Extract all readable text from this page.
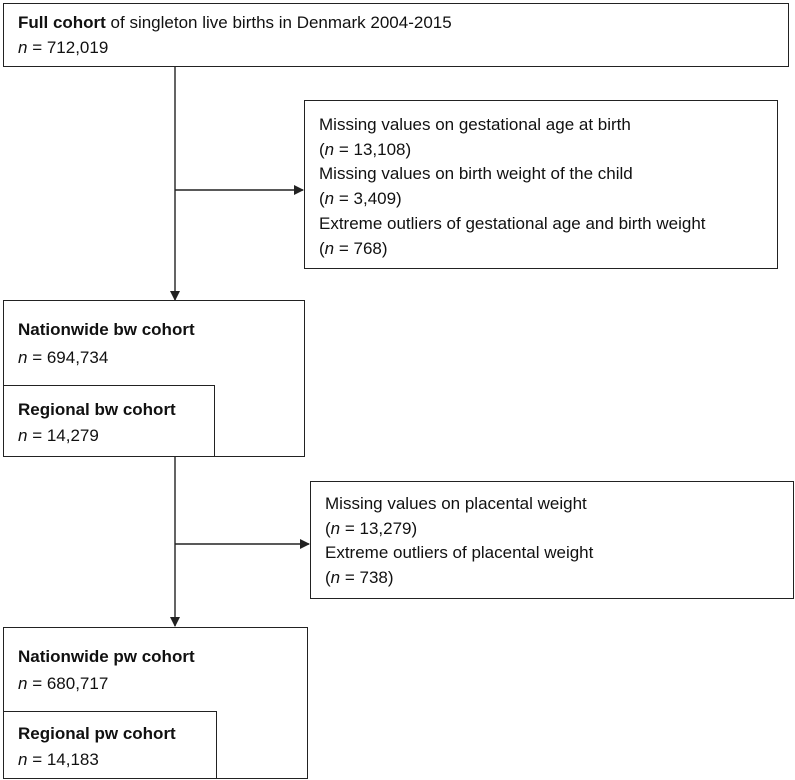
Full cohort of singleton live births in Denmark 2004-2015
n = 712,019
Missing values on gestational age at birth
(n = 13,108)
Missing values on birth weight of the child
(n = 3,409)
Extreme outliers of gestational age and birth weight
(n = 768)
Nationwide bw cohort
n = 694,734
Regional bw cohort
n = 14,279
Missing values on placental weight
(n = 13,279)
Extreme outliers of placental weight
(n = 738)
Nationwide pw cohort
n = 680,717
Regional pw cohort
n = 14,183
